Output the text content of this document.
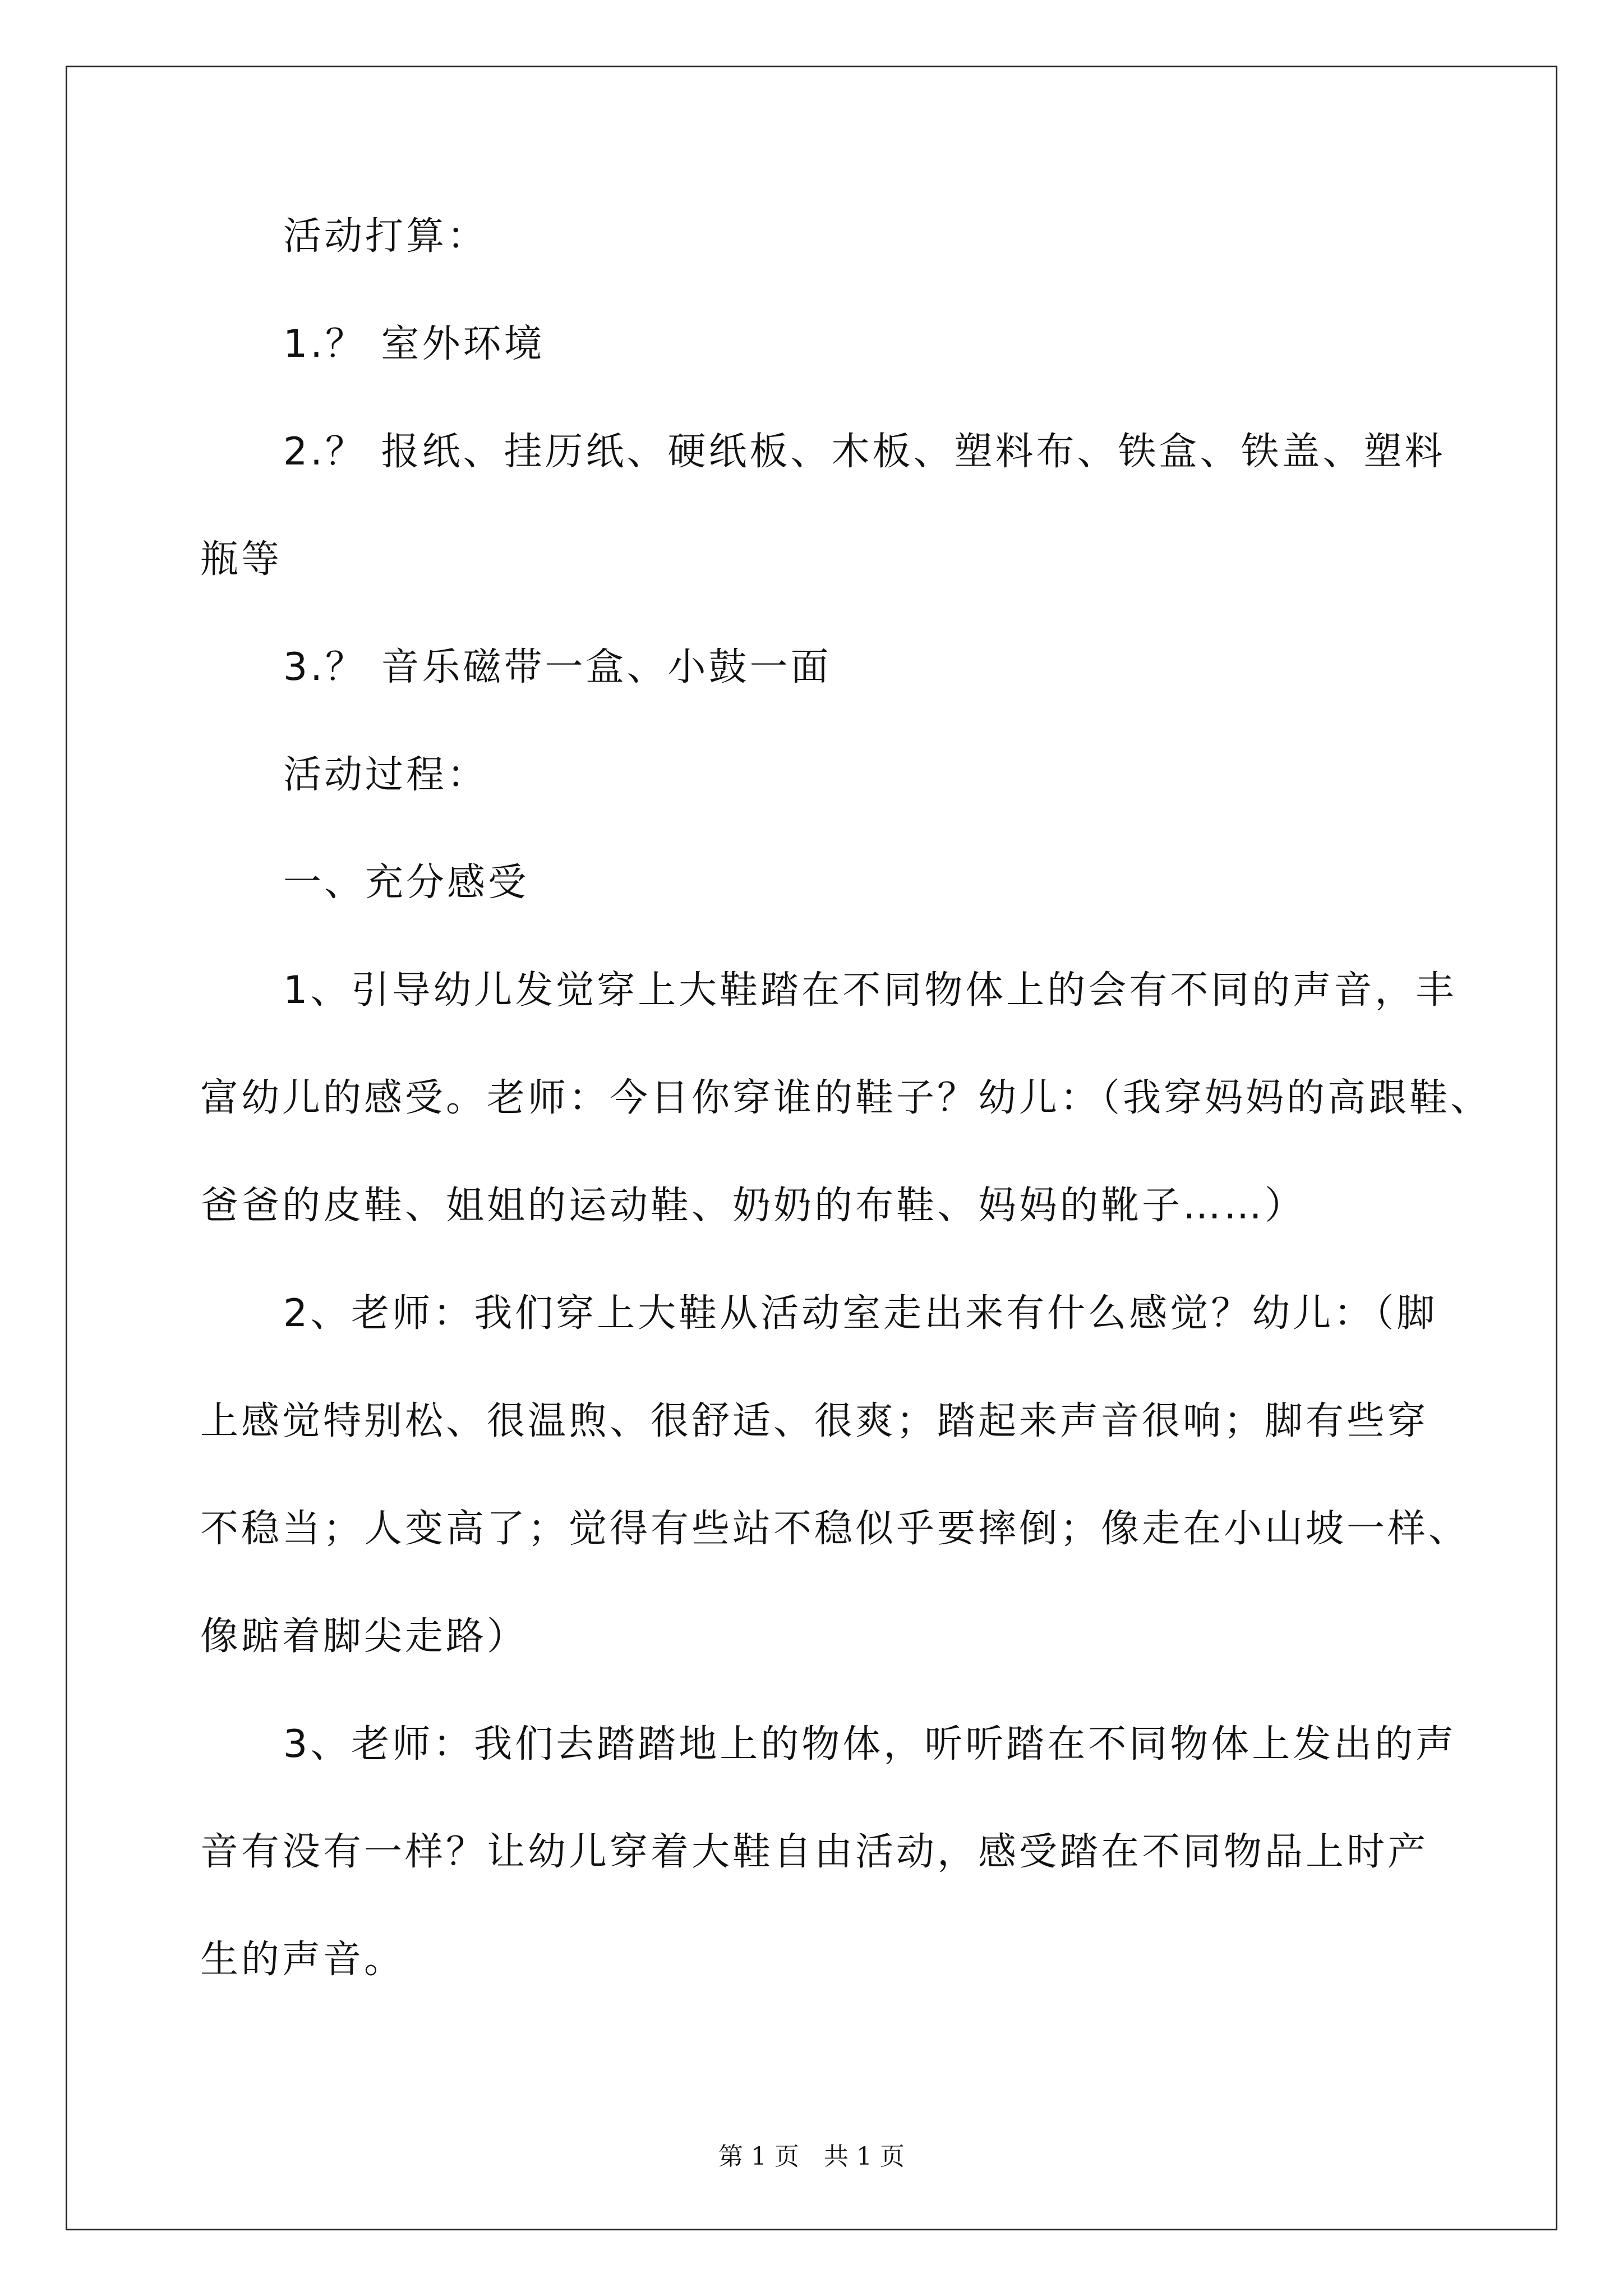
活动打算：
1.？ 室外环境
2.？ 报纸、挂历纸、硬纸板、木板、塑料布、铁盒、铁盖、塑料
瓶等
3.？ 音乐磁带一盒、小鼓一面
活动过程：
一、充分感受
1、引导幼儿发觉穿上大鞋踏在不同物体上的会有不同的声音，丰
富幼儿的感受。老师：今日你穿谁的鞋子？幼儿：（我穿妈妈的高跟鞋、
爸爸的皮鞋、姐姐的运动鞋、奶奶的布鞋、妈妈的靴子……）
2、老师：我们穿上大鞋从活动室走出来有什么感觉？幼儿：（脚
上感觉特别松、很温煦、很舒适、很爽；踏起来声音很响；脚有些穿
不稳当；人变高了；觉得有些站不稳似乎要摔倒；像走在小山坡一样、
像踮着脚尖走路）
3、老师：我们去踏踏地上的物体，听听踏在不同物体上发出的声
音有没有一样？让幼儿穿着大鞋自由活动，感受踏在不同物品上时产
生的声音。
第 1 页　共 1 页
